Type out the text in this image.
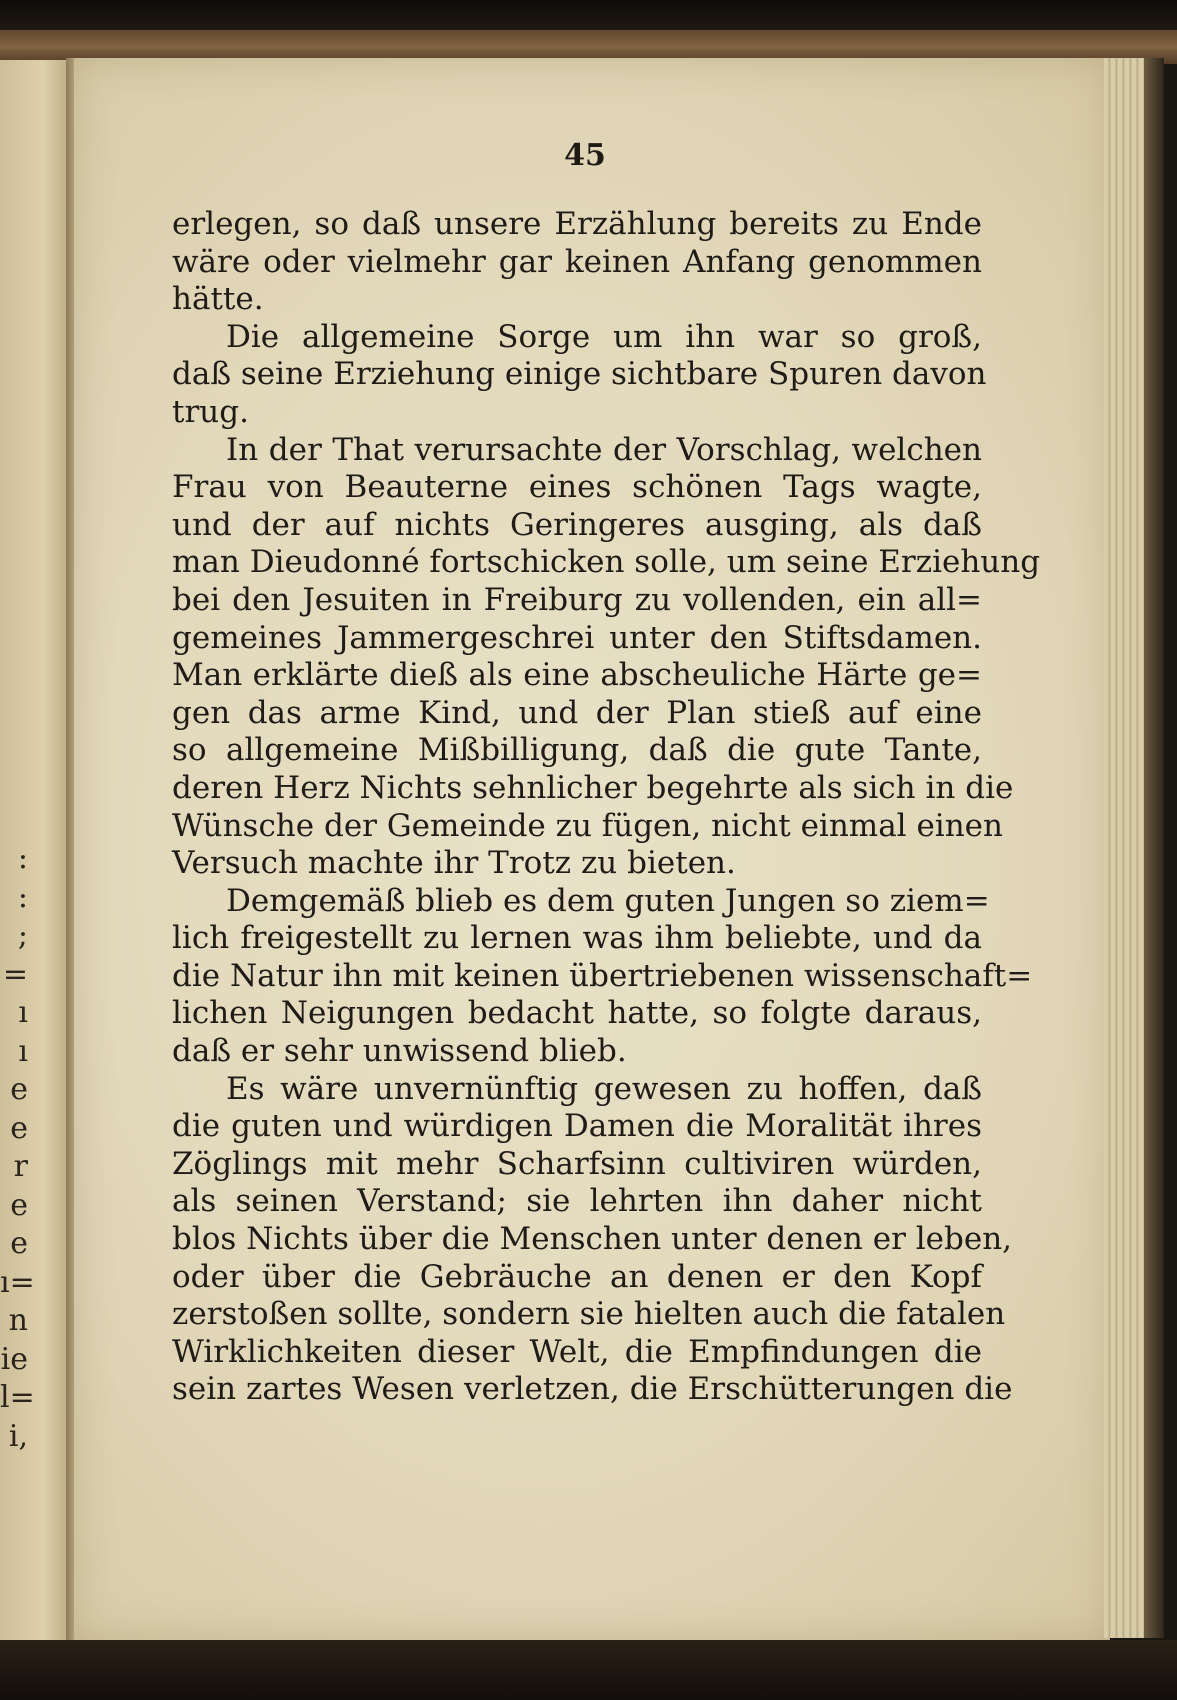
:
:
;
=
ı
ı
e
e
r
e
e
ı=
n
ie
l=
i,
45
erlegen, so daß unsere Erzählung bereits zu Ende
wäre oder vielmehr gar keinen Anfang genommen
hätte.
Die allgemeine Sorge um ihn war so groß,
daß seine Erziehung einige sichtbare Spuren davon
trug.
In der That verursachte der Vorschlag, welchen
Frau von Beauterne eines schönen Tags wagte,
und der auf nichts Geringeres ausging, als daß
man Dieudonné fortschicken solle, um seine Erziehung
bei den Jesuiten in Freiburg zu vollenden, ein all=
gemeines Jammergeschrei unter den Stiftsdamen.
Man erklärte dieß als eine abscheuliche Härte ge=
gen das arme Kind, und der Plan stieß auf eine
so allgemeine Mißbilligung, daß die gute Tante,
deren Herz Nichts sehnlicher begehrte als sich in die
Wünsche der Gemeinde zu fügen, nicht einmal einen
Versuch machte ihr Trotz zu bieten.
Demgemäß blieb es dem guten Jungen so ziem=
lich freigestellt zu lernen was ihm beliebte, und da
die Natur ihn mit keinen übertriebenen wissenschaft=
lichen Neigungen bedacht hatte, so folgte daraus,
daß er sehr unwissend blieb.
Es wäre unvernünftig gewesen zu hoffen, daß
die guten und würdigen Damen die Moralität ihres
Zöglings mit mehr Scharfsinn cultiviren würden,
als seinen Verstand; sie lehrten ihn daher nicht
blos Nichts über die Menschen unter denen er leben,
oder über die Gebräuche an denen er den Kopf
zerstoßen sollte, sondern sie hielten auch die fatalen
Wirklichkeiten dieser Welt, die Empfindungen die
sein zartes Wesen verletzen, die Erschütterungen die
